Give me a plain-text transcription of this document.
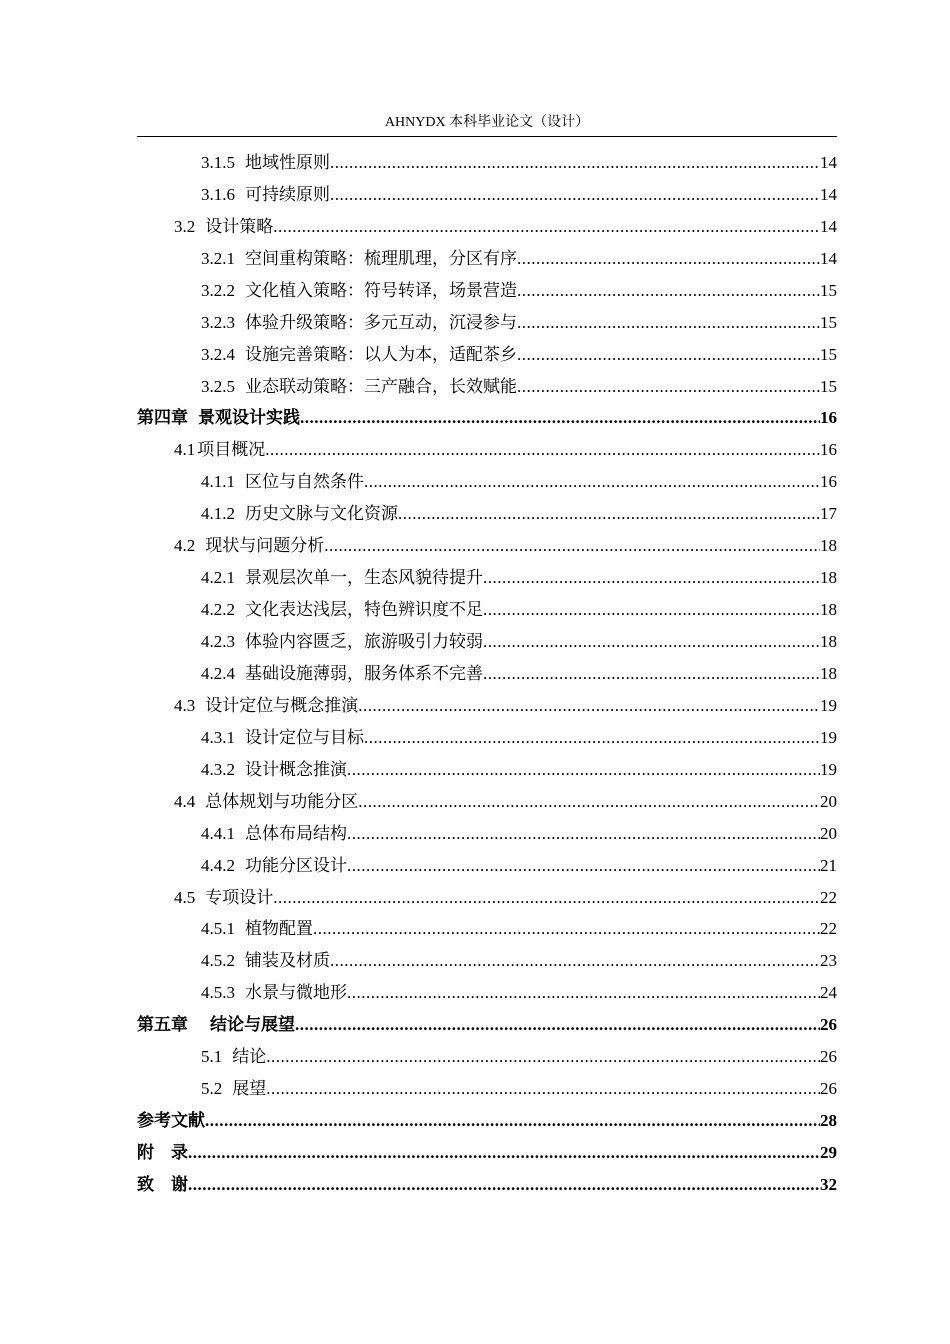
AHNYDX 本科毕业论文（设计）
3.1.5 地域性原则 .....	14
3.1.6 可持续原则 .....	14
3.2 设计策略 .....	14
3.2.1 空间重构策略：梳理肌理，分区有序 .....	14
3.2.2 文化植入策略：符号转译，场景营造 .....	15
3.2.3 体验升级策略：多元互动，沉浸参与 .....	15
3.2.4 设施完善策略：以人为本，适配茶乡 .....	15
3.2.5 业态联动策略：三产融合，长效赋能 .....	15
第四章 景观设计实践 .....	16
4.1 项目概况 .....	16
4.1.1 区位与自然条件 .....	16
4.1.2 历史文脉与文化资源 .....	17
4.2 现状与问题分析 .....	18
4.2.1 景观层次单一，生态风貌待提升 .....	18
4.2.2 文化表达浅层，特色辨识度不足 .....	18
4.2.3 体验内容匮乏，旅游吸引力较弱 .....	18
4.2.4 基础设施薄弱，服务体系不完善 .....	18
4.3 设计定位与概念推演 .....	19
4.3.1 设计定位与目标 .....	19
4.3.2 设计概念推演 .....	19
4.4 总体规划与功能分区 .....	20
4.4.1 总体布局结构 .....	20
4.4.2 功能分区设计 .....	21
4.5 专项设计 .....	22
4.5.1 植物配置 .....	22
4.5.2 铺装及材质 .....	23
4.5.3 水景与微地形 .....	24
第五章 结论与展望 .....	26
5.1 结论 .....	26
5.2 展望 .....	26
参考文献 .....	28
附　录 .....	29
致　谢 .....	32
